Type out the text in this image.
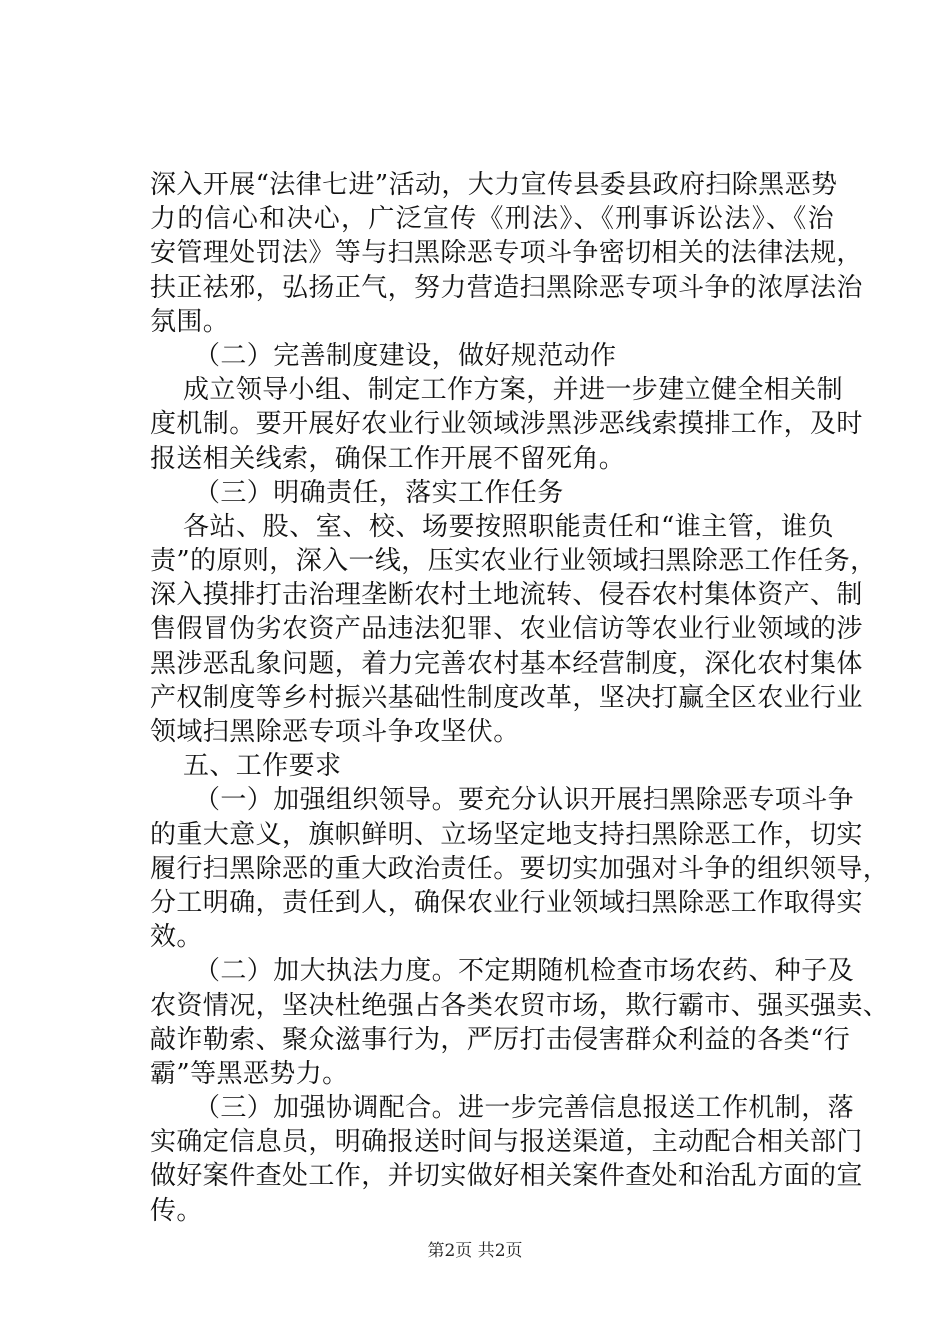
深入开展“法律七进”活动，大力宣传县委县政府扫除黑恶势
力的信心和决心，广泛宣传《刑法》、《刑事诉讼法》、《治
安管理处罚法》等与扫黑除恶专项斗争密切相关的法律法规，
扶正祛邪，弘扬正气，努力营造扫黑除恶专项斗争的浓厚法治
氛围。
（二）完善制度建设，做好规范动作
成立领导小组、制定工作方案，并进一步建立健全相关制
度机制。要开展好农业行业领域涉黑涉恶线索摸排工作，及时
报送相关线索，确保工作开展不留死角。
（三）明确责任，落实工作任务
各站、股、室、校、场要按照职能责任和“谁主管，谁负
责”的原则，深入一线，压实农业行业领域扫黑除恶工作任务，
深入摸排打击治理垄断农村土地流转、侵吞农村集体资产、制
售假冒伪劣农资产品违法犯罪、农业信访等农业行业领域的涉
黑涉恶乱象问题，着力完善农村基本经营制度，深化农村集体
产权制度等乡村振兴基础性制度改革，坚决打赢全区农业行业
领域扫黑除恶专项斗争攻坚伏。
五、工作要求
（一）加强组织领导。要充分认识开展扫黑除恶专项斗争
的重大意义，旗帜鲜明、立场坚定地支持扫黑除恶工作，切实
履行扫黑除恶的重大政治责任。要切实加强对斗争的组织领导，
分工明确，责任到人，确保农业行业领域扫黑除恶工作取得实
效。
（二）加大执法力度。不定期随机检查市场农药、种子及
农资情况，坚决杜绝强占各类农贸市场，欺行霸市、强买强卖、
敲诈勒索、聚众滋事行为，严厉打击侵害群众利益的各类“行
霸”等黑恶势力。
（三）加强协调配合。进一步完善信息报送工作机制，落
实确定信息员，明确报送时间与报送渠道，主动配合相关部门
做好案件查处工作，并切实做好相关案件查处和治乱方面的宣
传。
第2页 共2页
